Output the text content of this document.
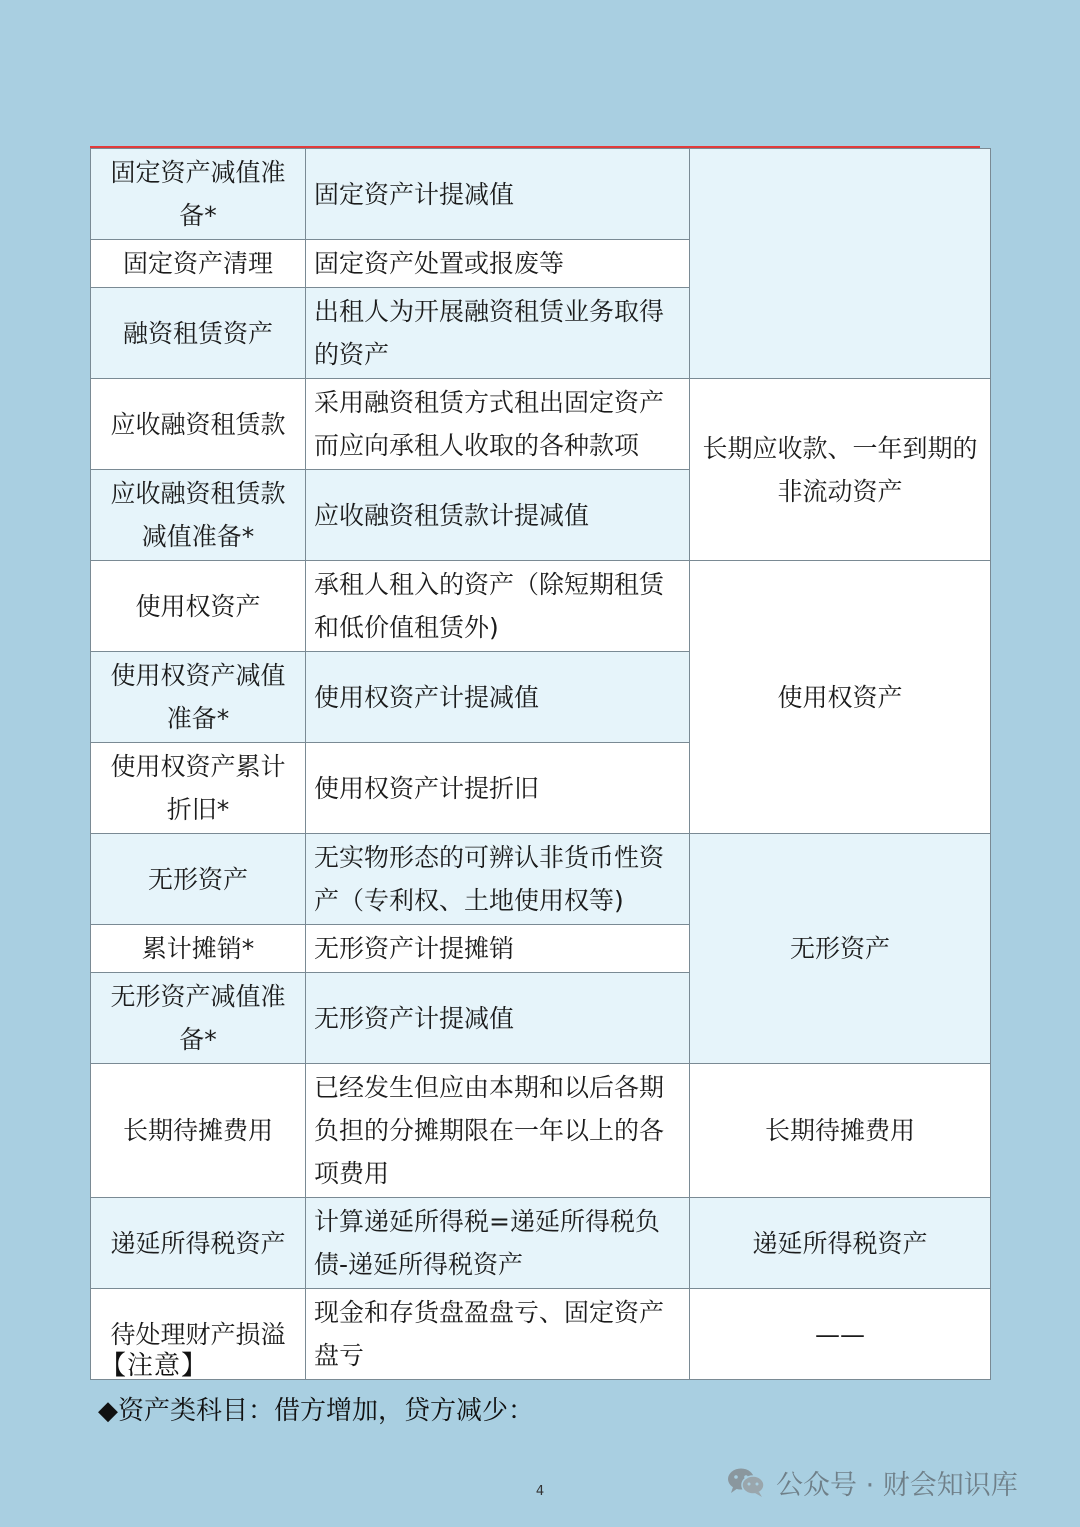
固定资产减值准备*	固定资产计提减值	
固定资产清理	固定资产处置或报废等	
融资租赁资产	出租人为开展融资租赁业务取得的资产	
应收融资租赁款	采用融资租赁方式租出固定资产而应向承租人收取的各种款项	长期应收款、一年到期的非流动资产
应收融资租赁款减值准备*	应收融资租赁款计提减值	
使用权资产	承租人租入的资产（除短期租赁和低价值租赁外)	使用权资产
使用权资产减值准备*	使用权资产计提减值	
使用权资产累计折旧*	使用权资产计提折旧	
无形资产	无实物形态的可辨认非货币性资产（专利权、土地使用权等)	无形资产
累计摊销*	无形资产计提摊销	
无形资产减值准备*	无形资产计提减值	
长期待摊费用	已经发生但应由本期和以后各期负担的分摊期限在一年以上的各项费用	长期待摊费用
递延所得税资产	计算递延所得税=递延所得税负债-递延所得税资产	递延所得税资产
待处理财产损溢	现金和存货盘盈盘亏、固定资产盘亏	——
【注意】
◆资产类科目：借方增加，贷方减少：
4	公众号 · 财会知识库
